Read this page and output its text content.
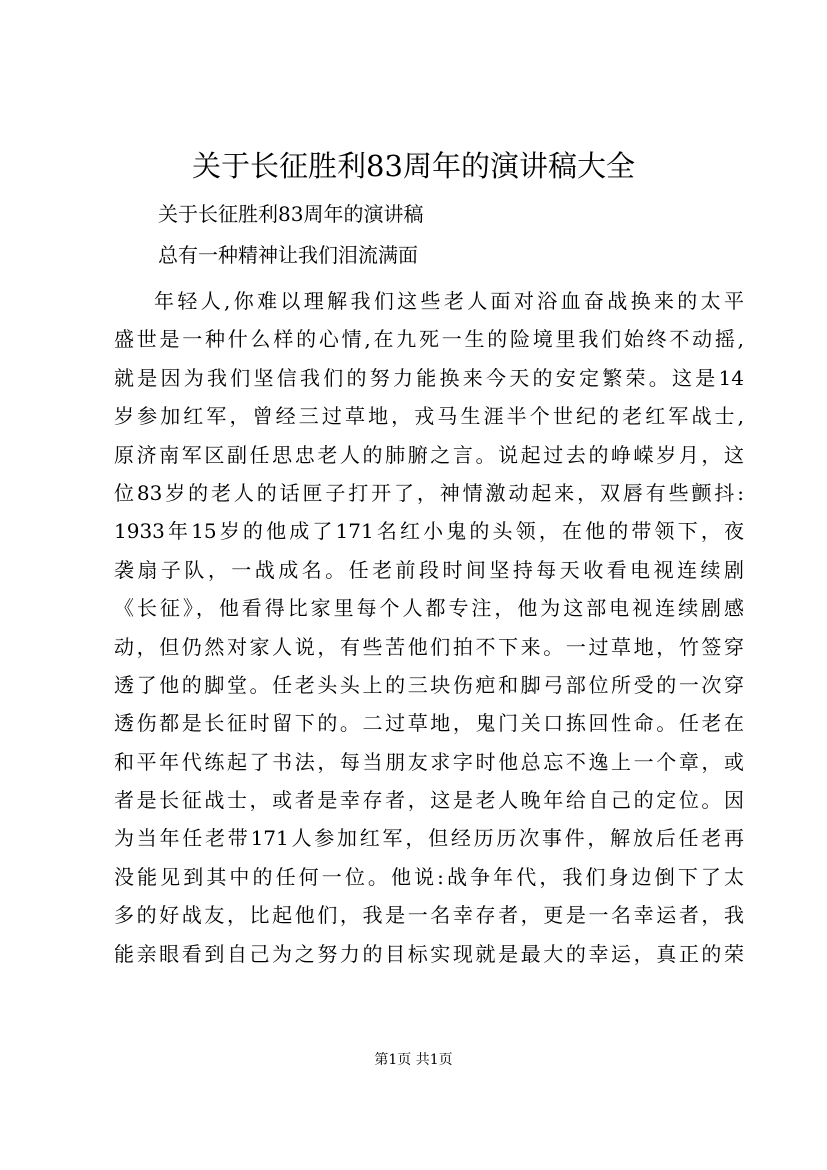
关于长征胜利83周年的演讲稿大全
关于长征胜利83周年的演讲稿
总有一种精神让我们泪流满面
年轻人,你难以理解我们这些老人面对浴血奋战换来的太平
盛世是一种什么样的心情,在九死一生的险境里我们始终不动摇,
就是因为我们坚信我们的努力能换来今天的安定繁荣。这是14
岁参加红军，曾经三过草地，戎马生涯半个世纪的老红军战士,
原济南军区副任思忠老人的肺腑之言。说起过去的峥嵘岁月，这
位83岁的老人的话匣子打开了，神情激动起来，双唇有些颤抖:
1933年15岁的他成了171名红小鬼的头领，在他的带领下，夜
袭扇子队，一战成名。任老前段时间坚持每天收看电视连续剧
《长征》，他看得比家里每个人都专注，他为这部电视连续剧感
动，但仍然对家人说，有些苦他们拍不下来。一过草地，竹签穿
透了他的脚堂。任老头头上的三块伤疤和脚弓部位所受的一次穿
透伤都是长征时留下的。二过草地，鬼门关口拣回性命。任老在
和平年代练起了书法，每当朋友求字时他总忘不逸上一个章，或
者是长征战士，或者是幸存者，这是老人晚年给自己的定位。因
为当年任老带171人参加红军，但经历历次事件，解放后任老再
没能见到其中的任何一位。他说:战争年代，我们身边倒下了太
多的好战友，比起他们，我是一名幸存者，更是一名幸运者，我
能亲眼看到自己为之努力的目标实现就是最大的幸运，真正的荣
第1页 共1页
